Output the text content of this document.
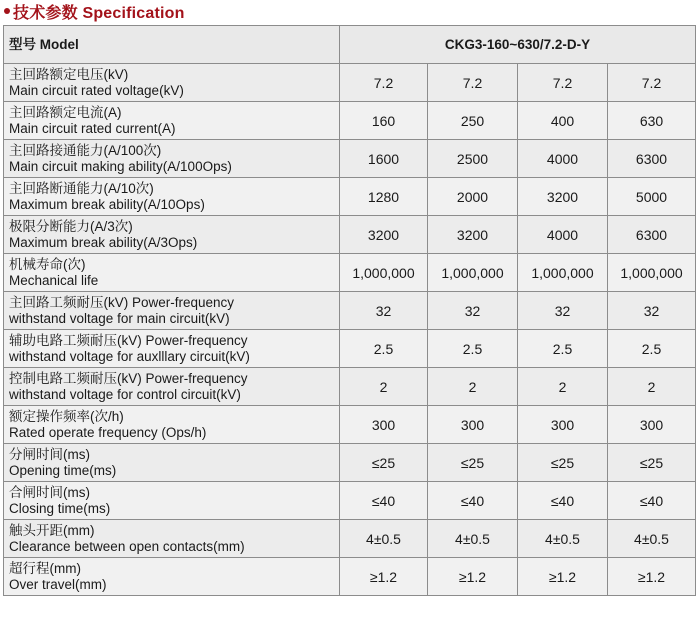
技术参数 Specification
型号 Model	CKG3-160~630/7.2-D-Y			

主回路额定电压(kV)
Main circuit rated voltage(kV)	7.2	7.2	7.2	7.2

主回路额定电流(A)
Main circuit rated current(A)	160	250	400	630

主回路接通能力(A/100次)
Main circuit making ability(A/100Ops)	1600	2500	4000	6300

主回路断通能力(A/10次)
Maximum break ability(A/10Ops)	1280	2000	3200	5000

极限分断能力(A/3次)
Maximum break ability(A/3Ops)	3200	3200	4000	6300

机械寿命(次)
Mechanical life	1,000,000	1,000,000	1,000,000	1,000,000

主回路工频耐压(kV) Power-frequency
withstand voltage for main circuit(kV)	32	32	32	32

辅助电路工频耐压(kV) Power-frequency
withstand voltage for auxlllary circuit(kV)	2.5	2.5	2.5	2.5

控制电路工频耐压(kV) Power-frequency
withstand voltage for control circuit(kV)	2	2	2	2

额定操作频率(次/h)
Rated operate frequency (Ops/h)	300	300	300	300

分闸时间(ms)
Opening time(ms)	≤25	≤25	≤25	≤25

合闸时间(ms)
Closing time(ms)	≤40	≤40	≤40	≤40

触头开距(mm)
Clearance between open contacts(mm)	4±0.5	4±0.5	4±0.5	4±0.5

超行程(mm)
Over travel(mm)	≥1.2	≥1.2	≥1.2	≥1.2
